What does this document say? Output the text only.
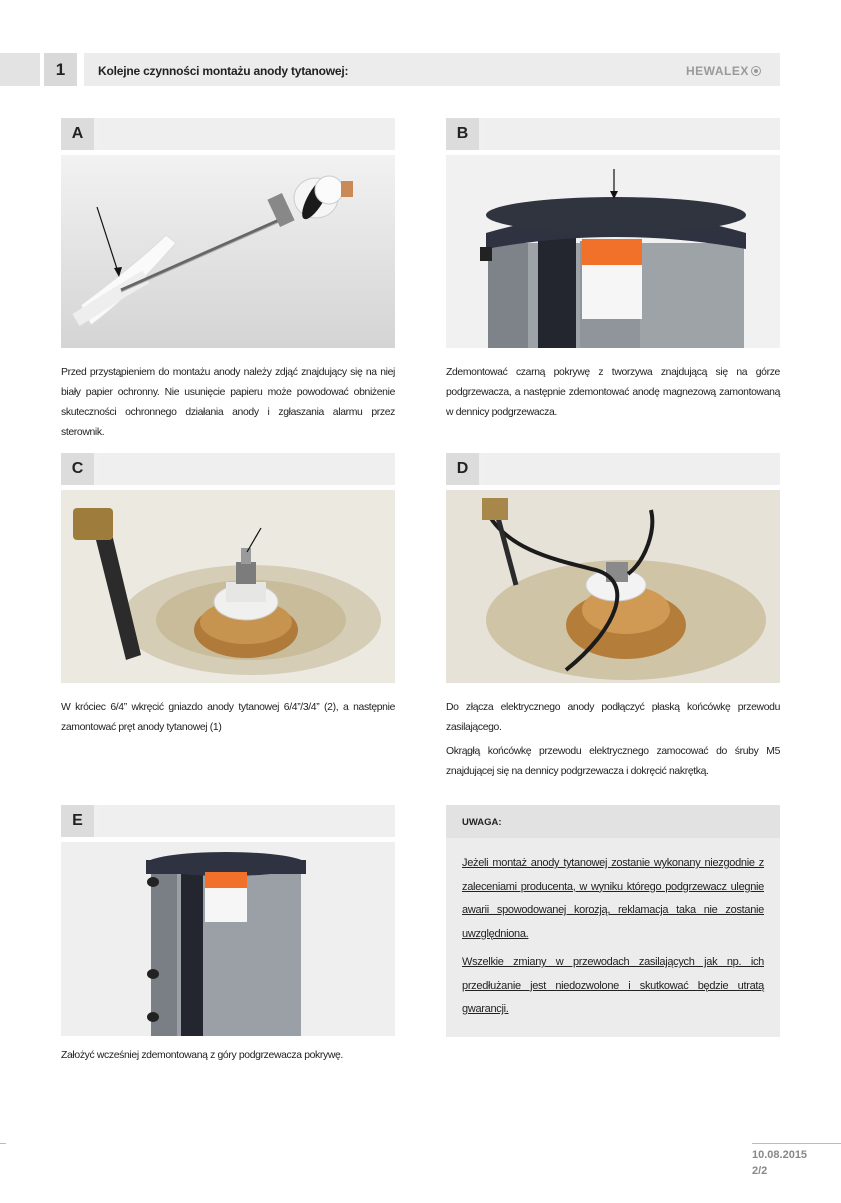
1	Kolejne czynności montażu anody tytanowej:	HEWALEX
A
Przed przystąpieniem do montażu anody należy zdjąć znajdujący się na niej biały papier ochronny. Nie usunięcie papieru może powodować obniżenie skuteczności ochronnego działania anody i zgłaszania alarmu przez sterownik.
B
Zdemontować czarną pokrywę z tworzywa znajdującą się na górze podgrzewacza, a następnie zdemontować anodę magnezową zamontowaną w dennicy podgrzewacza.
C
W króciec 6/4” wkręcić gniazdo anody tytanowej 6/4”/3/4” (2), a następnie zamontować pręt anody tytanowej (1)
D

Do złącza elektrycznego anody podłączyć płaską końcówkę przewodu zasilającego.

Okrągłą końcówkę przewodu elektrycznego zamocować do śruby M5 znajdującej się na dennicy podgrzewacza i dokręcić nakrętką.

E
Założyć wcześniej zdemontowaną z góry podgrzewacza pokrywę.
UWAGA:

Jeżeli montaż anody tytanowej zostanie wykonany niezgodnie z zaleceniami producenta, w wyniku którego podgrzewacz ulegnie awarii spowodowanej korozją, reklamacja taka nie zostanie uwzględniona.

Wszelkie zmiany w przewodach zasilających jak np. ich przedłużanie jest niedozwolone i skutkować będzie utratą gwarancji.

10.08.2015
2/2
